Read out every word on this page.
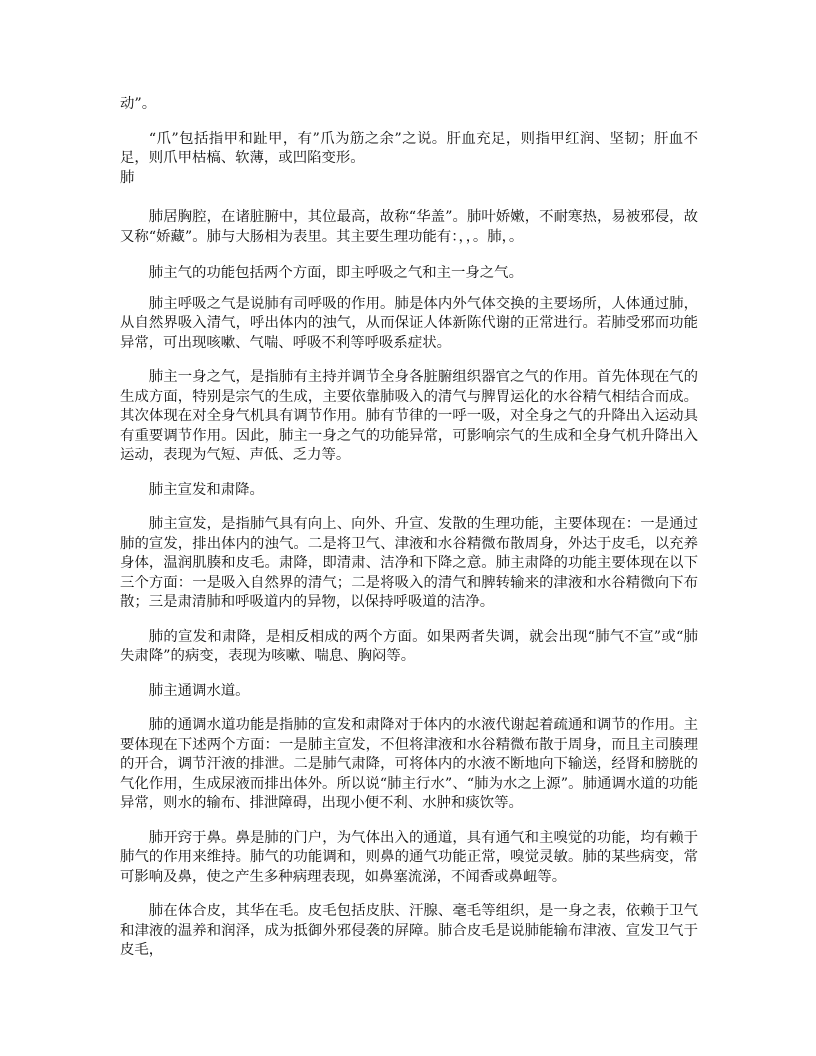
动”。

“爪”包括指甲和趾甲，有”爪为筋之余”之说。肝血充足，则指甲红润、坚韧；肝血不足，则爪甲枯槁、软薄，或凹陷变形。

肺

肺居胸腔，在诸脏腑中，其位最高，故称“华盖”。肺叶娇嫩，不耐寒热，易被邪侵，故又称“娇藏”。肺与大肠相为表里。其主要生理功能有：，，。肺，。

肺主气的功能包括两个方面，即主呼吸之气和主一身之气。

肺主呼吸之气是说肺有司呼吸的作用。肺是体内外气体交换的主要场所，人体通过肺，从自然界吸入清气，呼出体内的浊气，从而保证人体新陈代谢的正常进行。若肺受邪而功能异常，可出现咳嗽、气喘、呼吸不利等呼吸系症状。

肺主一身之气，是指肺有主持并调节全身各脏腑组织器官之气的作用。首先体现在气的生成方面，特别是宗气的生成，主要依靠肺吸入的清气与脾胃运化的水谷精气相结合而成。其次体现在对全身气机具有调节作用。肺有节律的一呼一吸，对全身之气的升降出入运动具有重要调节作用。因此，肺主一身之气的功能异常，可影响宗气的生成和全身气机升降出入运动，表现为气短、声低、乏力等。

肺主宣发和肃降。

肺主宣发，是指肺气具有向上、向外、升宣、发散的生理功能，主要体现在：一是通过肺的宣发，排出体内的浊气。二是将卫气、津液和水谷精微布散周身，外达于皮毛，以充养身体，温润肌腠和皮毛。肃降，即清肃、洁净和下降之意。肺主肃降的功能主要体现在以下三个方面：一是吸入自然界的清气；二是将吸入的清气和脾转输来的津液和水谷精微向下布散；三是肃清肺和呼吸道内的异物，以保持呼吸道的洁净。

肺的宣发和肃降，是相反相成的两个方面。如果两者失调，就会出现“肺气不宣”或“肺失肃降”的病变，表现为咳嗽、喘息、胸闷等。

肺主通调水道。

肺的通调水道功能是指肺的宣发和肃降对于体内的水液代谢起着疏通和调节的作用。主要体现在下述两个方面：一是肺主宣发，不但将津液和水谷精微布散于周身，而且主司腠理的开合，调节汗液的排泄。二是肺气肃降，可将体内的水液不断地向下输送，经肾和膀胱的气化作用，生成尿液而排出体外。所以说“肺主行水”、“肺为水之上源”。肺通调水道的功能异常，则水的输布、排泄障碍，出现小便不利、水肿和痰饮等。

肺开窍于鼻。鼻是肺的门户，为气体出入的通道，具有通气和主嗅觉的功能，均有赖于肺气的作用来维持。肺气的功能调和，则鼻的通气功能正常，嗅觉灵敏。肺的某些病变，常可影响及鼻，使之产生多种病理表现，如鼻塞流涕，不闻香或鼻衄等。

肺在体合皮，其华在毛。皮毛包括皮肤、汗腺、毫毛等组织，是一身之表，依赖于卫气和津液的温养和润泽，成为抵御外邪侵袭的屏障。肺合皮毛是说肺能输布津液、宣发卫气于皮毛，
